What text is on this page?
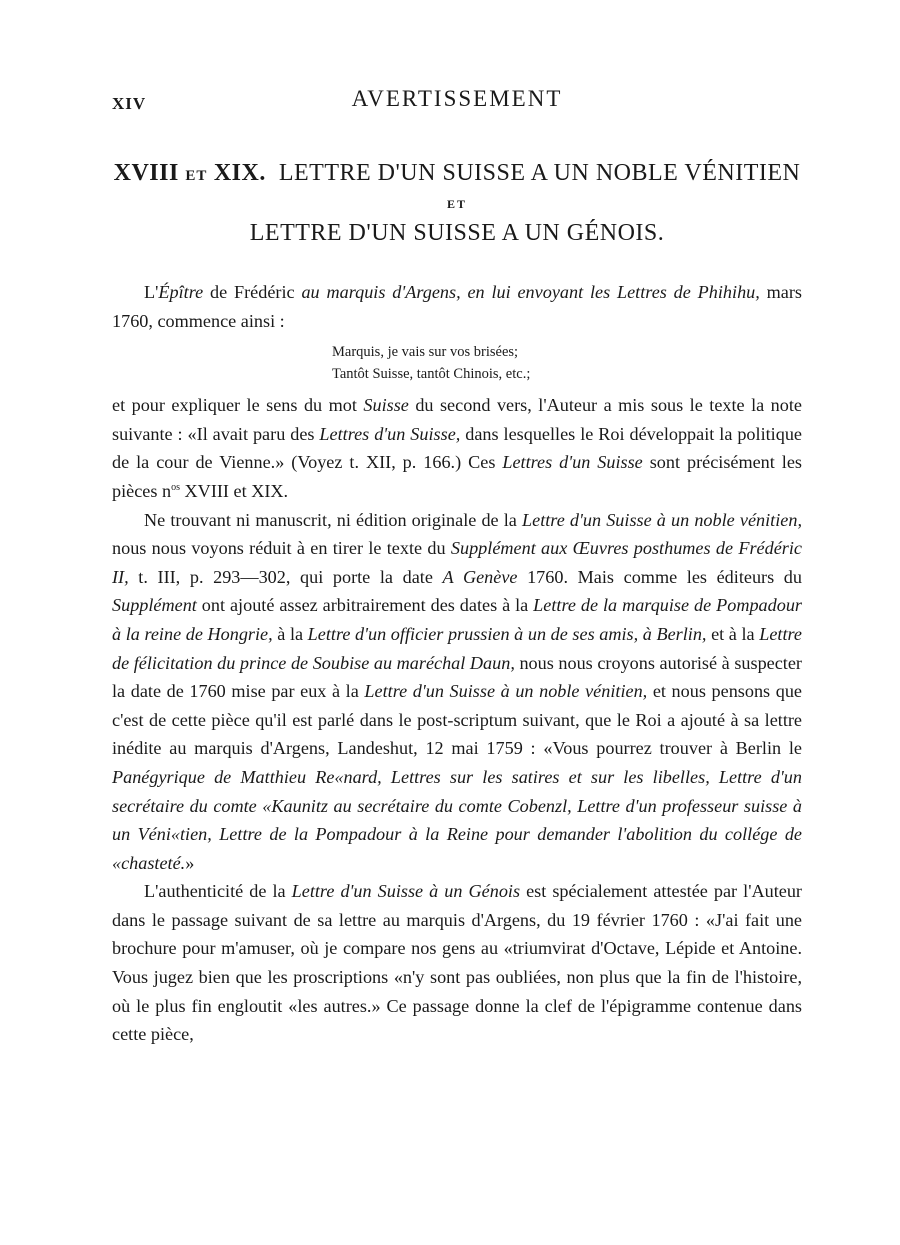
XIV	AVERTISSEMENT
XVIII ET XIX. LETTRE D'UN SUISSE A UN NOBLE VÉNITIEN
ET
LETTRE D'UN SUISSE A UN GÉNOIS.

L'Épître de Frédéric au marquis d'Argens, en lui envoyant les Lettres de Phihihu, mars 1760, commence ainsi :

Marquis, je vais sur vos brisées;
Tantôt Suisse, tantôt Chinois, etc.;

et pour expliquer le sens du mot Suisse du second vers, l'Auteur a mis sous le texte la note suivante : «Il avait paru des Lettres d'un Suisse, dans lesquelles le Roi développait la politique de la cour de Vienne.» (Voyez t. XII, p. 166.) Ces Lettres d'un Suisse sont précisément les pièces $n^{os}$ XVIII et XIX.

Ne trouvant ni manuscrit, ni édition originale de la Lettre d'un Suisse à un noble vénitien, nous nous voyons réduit à en tirer le texte du Supplément aux Œuvres posthumes de Frédéric II, t. III, p. 293—302, qui porte la date A Genève 1760. Mais comme les éditeurs du Supplément ont ajouté assez arbitrairement des dates à la Lettre de la marquise de Pompadour à la reine de Hongrie, à la Lettre d'un officier prussien à un de ses amis, à Berlin, et à la Lettre de félicitation du prince de Soubise au maréchal Daun, nous nous croyons autorisé à suspecter la date de 1760 mise par eux à la Lettre d'un Suisse à un noble vénitien, et nous pensons que c'est de cette pièce qu'il est parlé dans le post-scriptum suivant, que le Roi a ajouté à sa lettre inédite au marquis d'Argens, Landeshut, 12 mai 1759 : «Vous pourrez trouver à Berlin le Panégyrique de Matthieu Re«nard, Lettres sur les satires et sur les libelles, Lettre d'un secrétaire du comte «Kaunitz au secrétaire du comte Cobenzl, Lettre d'un professeur suisse à un Véni«tien, Lettre de la Pompadour à la Reine pour demander l'abolition du collége de «chasteté.»

L'authenticité de la Lettre d'un Suisse à un Génois est spécialement attestée par l'Auteur dans le passage suivant de sa lettre au marquis d'Argens, du 19 février 1760 : «J'ai fait une brochure pour m'amuser, où je compare nos gens au «triumvirat d'Octave, Lépide et Antoine. Vous jugez bien que les proscriptions «n'y sont pas oubliées, non plus que la fin de l'histoire, où le plus fin engloutit «les autres.» Ce passage donne la clef de l'épigramme contenue dans cette pièce,
